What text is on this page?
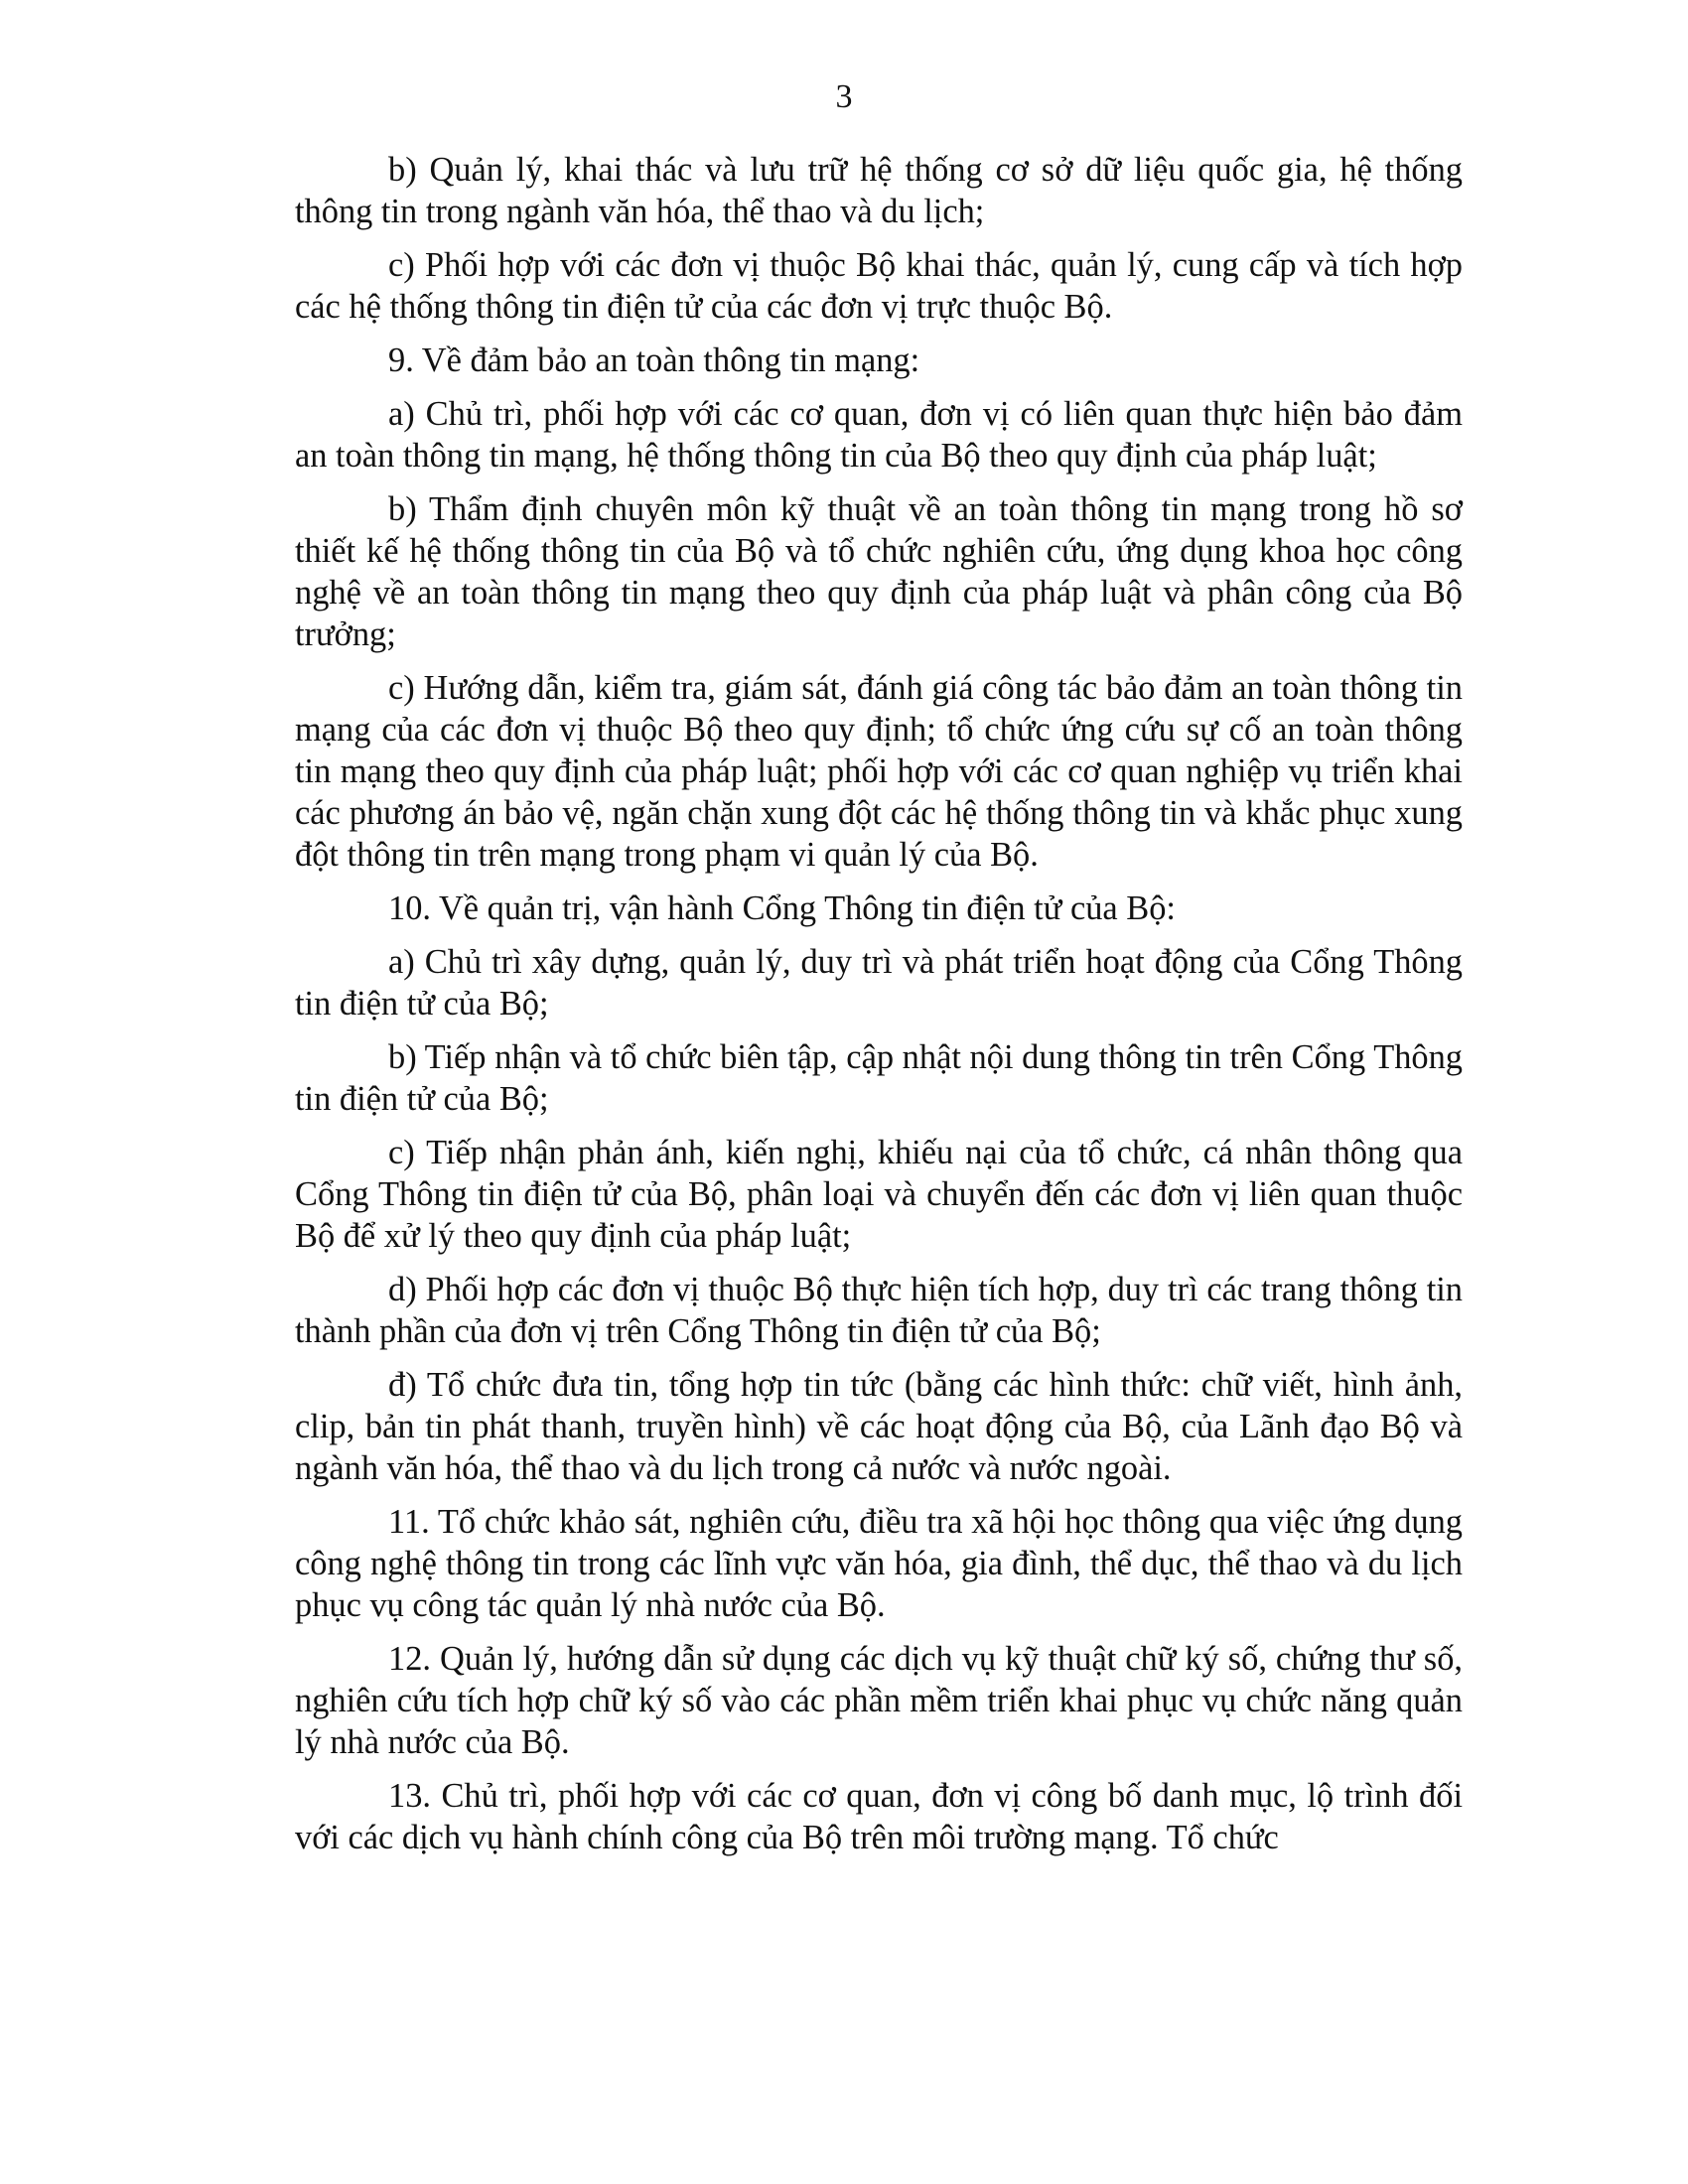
3

b) Quản lý, khai thác và lưu trữ hệ thống cơ sở dữ liệu quốc gia, hệ thống thông tin trong ngành văn hóa, thể thao và du lịch;

c) Phối hợp với các đơn vị thuộc Bộ khai thác, quản lý, cung cấp và tích hợp các hệ thống thông tin điện tử của các đơn vị trực thuộc Bộ.

9. Về đảm bảo an toàn thông tin mạng:

a) Chủ trì, phối hợp với các cơ quan, đơn vị có liên quan thực hiện bảo đảm an toàn thông tin mạng, hệ thống thông tin của Bộ theo quy định của pháp luật;

b) Thẩm định chuyên môn kỹ thuật về an toàn thông tin mạng trong hồ sơ thiết kế hệ thống thông tin của Bộ và tổ chức nghiên cứu, ứng dụng khoa học công nghệ về an toàn thông tin mạng theo quy định của pháp luật và phân công của Bộ trưởng;

c) Hướng dẫn, kiểm tra, giám sát, đánh giá công tác bảo đảm an toàn thông tin mạng của các đơn vị thuộc Bộ theo quy định; tổ chức ứng cứu sự cố an toàn thông tin mạng theo quy định của pháp luật; phối hợp với các cơ quan nghiệp vụ triển khai các phương án bảo vệ, ngăn chặn xung đột các hệ thống thông tin và khắc phục xung đột thông tin trên mạng trong phạm vi quản lý của Bộ.

10. Về quản trị, vận hành Cổng Thông tin điện tử của Bộ:

a) Chủ trì xây dựng, quản lý, duy trì và phát triển hoạt động của Cổng Thông tin điện tử của Bộ;

b) Tiếp nhận và tổ chức biên tập, cập nhật nội dung thông tin trên Cổng Thông tin điện tử của Bộ;

c) Tiếp nhận phản ánh, kiến nghị, khiếu nại của tổ chức, cá nhân thông qua Cổng Thông tin điện tử của Bộ, phân loại và chuyển đến các đơn vị liên quan thuộc Bộ để xử lý theo quy định của pháp luật;

d) Phối hợp các đơn vị thuộc Bộ thực hiện tích hợp, duy trì các trang thông tin thành phần của đơn vị trên Cổng Thông tin điện tử của Bộ;

đ) Tổ chức đưa tin, tổng hợp tin tức (bằng các hình thức: chữ viết, hình ảnh, clip, bản tin phát thanh, truyền hình) về các hoạt động của Bộ, của Lãnh đạo Bộ và ngành văn hóa, thể thao và du lịch trong cả nước và nước ngoài.

11. Tổ chức khảo sát, nghiên cứu, điều tra xã hội học thông qua việc ứng dụng công nghệ thông tin trong các lĩnh vực văn hóa, gia đình, thể dục, thể thao và du lịch phục vụ công tác quản lý nhà nước của Bộ.

12. Quản lý, hướng dẫn sử dụng các dịch vụ kỹ thuật chữ ký số, chứng thư số, nghiên cứu tích hợp chữ ký số vào các phần mềm triển khai phục vụ chức năng quản lý nhà nước của Bộ.

13. Chủ trì, phối hợp với các cơ quan, đơn vị công bố danh mục, lộ trình đối với các dịch vụ hành chính công của Bộ trên môi trường mạng. Tổ chức
